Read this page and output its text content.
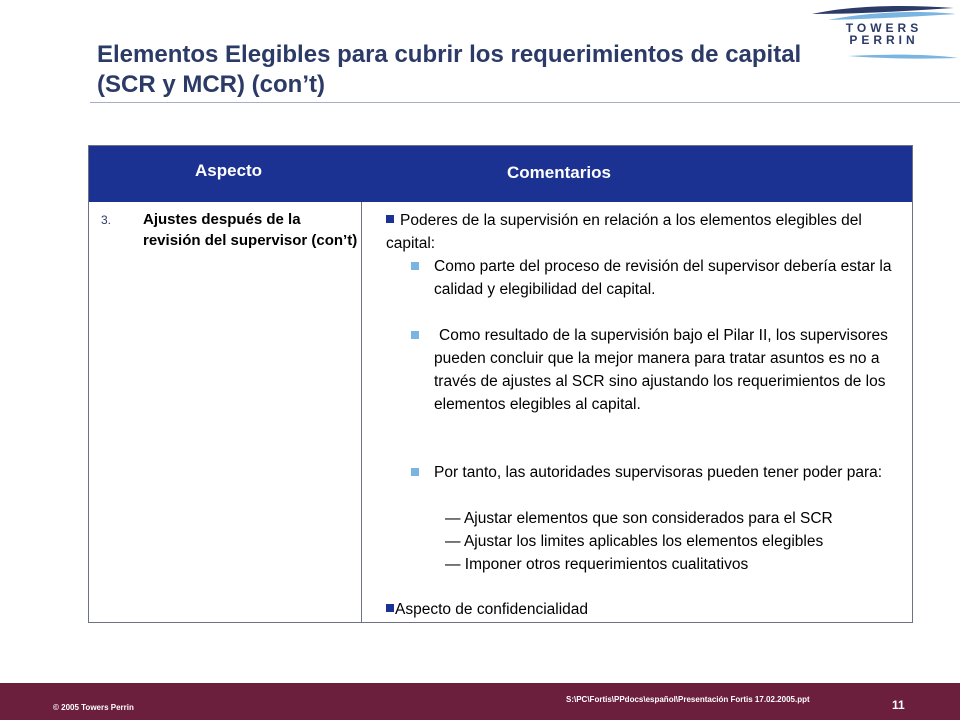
TOWERS
PERRIN
Elementos Elegibles para cubrir los requerimientos de capital
(SCR y MCR) (con’t)
Aspecto	Comentarios
3. Ajustes después de la revisión del supervisor (con’t)
Poderes de la supervisión en relación a los elementos elegibles del capital:
Como parte del proceso de revisión del supervisor debería estar la calidad y elegibilidad del capital.
Como resultado de la supervisión bajo el Pilar II, los supervisores pueden concluir que la mejor manera para tratar asuntos es no a través de ajustes al SCR sino ajustando los requerimientos de los elementos elegibles al capital.
Por tanto, las autoridades supervisoras pueden tener poder para:
— Ajustar elementos que son considerados para el SCR
— Ajustar los limites aplicables los elementos elegibles
— Imponer otros requerimientos cualitativos
Aspecto de confidencialidad
© 2005 Towers Perrin
S:\PC\Fortis\PPdocs\español\Presentación Fortis 17.02.2005.ppt	11
